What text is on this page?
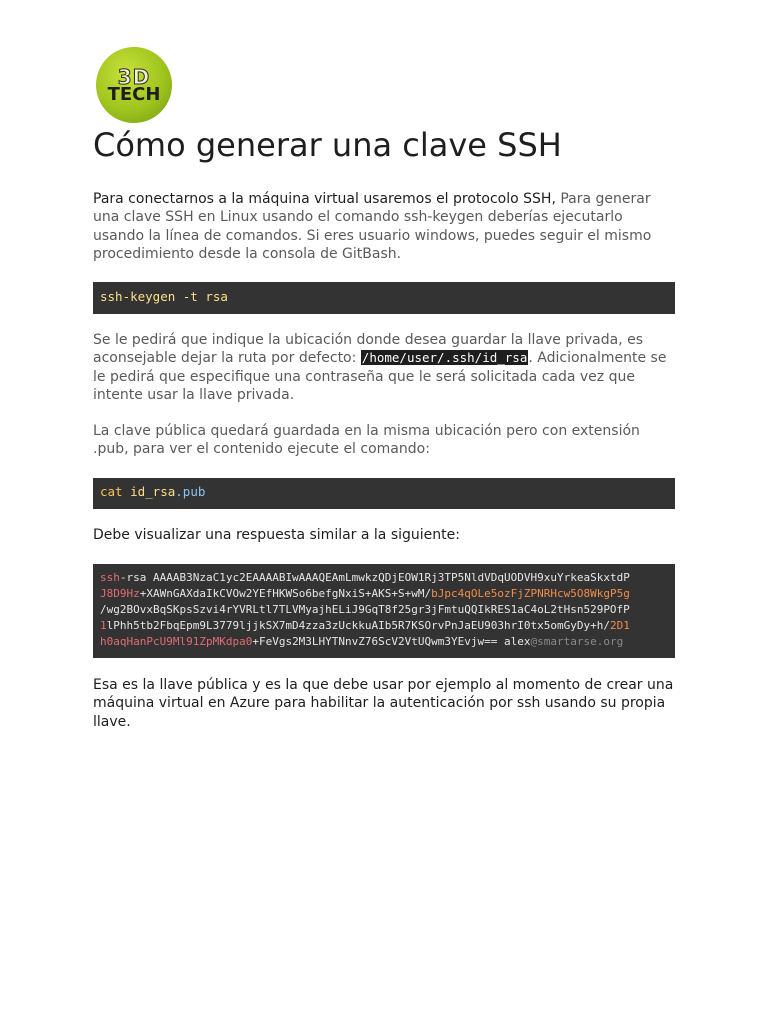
3D
TECH
Cómo generar una clave SSH

Para conectarnos a la máquina virtual usaremos el protocolo SSH, Para generar una clave SSH en Linux usando el comando ssh-keygen deberías ejecutarlo usando la línea de comandos. Si eres usuario windows, puedes seguir el mismo procedimiento desde la consola de GitBash.

ssh-keygen -t rsa

Se le pedirá que indique la ubicación donde desea guardar la llave privada, es aconsejable dejar la ruta por defecto: /home/user/.ssh/id_rsa. Adicionalmente se le pedirá que especifique una contraseña que le será solicitada cada vez que intente usar la llave privada.

La clave pública quedará guardada en la misma ubicación pero con extensión .pub, para ver el contenido ejecute el comando:

cat id_rsa.pub

Debe visualizar una respuesta similar a la siguiente:

ssh-rsa AAAAB3NzaC1yc2EAAAABIwAAAQEAmLmwkzQDjEOW1Rj3TP5NldVDqUODVH9xuYrkeaSkxtdP
J8D9Hz+XAWnGAXdaIkCVOw2YEfHKWSo6befgNxiS+AKS+S+wM/bJpc4qOLe5ozFjZPNRHcw5O8WkgP5g
/wg2BOvxBqSKpsSzvi4rYVRLtl7TLVMyajhELiJ9GqT8f25gr3jFmtuQQIkRES1aC4oL2tHsn529POfP
1lPhh5tb2FbqEpm9L3779ljjkSX7mD4zza3zUckkuAIb5R7KSOrvPnJaEU903hrI0tx5omGyDy+h/2D1
h0aqHanPcU9Ml91ZpMKdpa0+FeVgs2M3LHYTNnvZ76ScV2VtUQwm3YEvjw== alex@smartarse.org

Esa es la llave pública y es la que debe usar por ejemplo al momento de crear una máquina virtual en Azure para habilitar la autenticación por ssh usando su propia llave.
